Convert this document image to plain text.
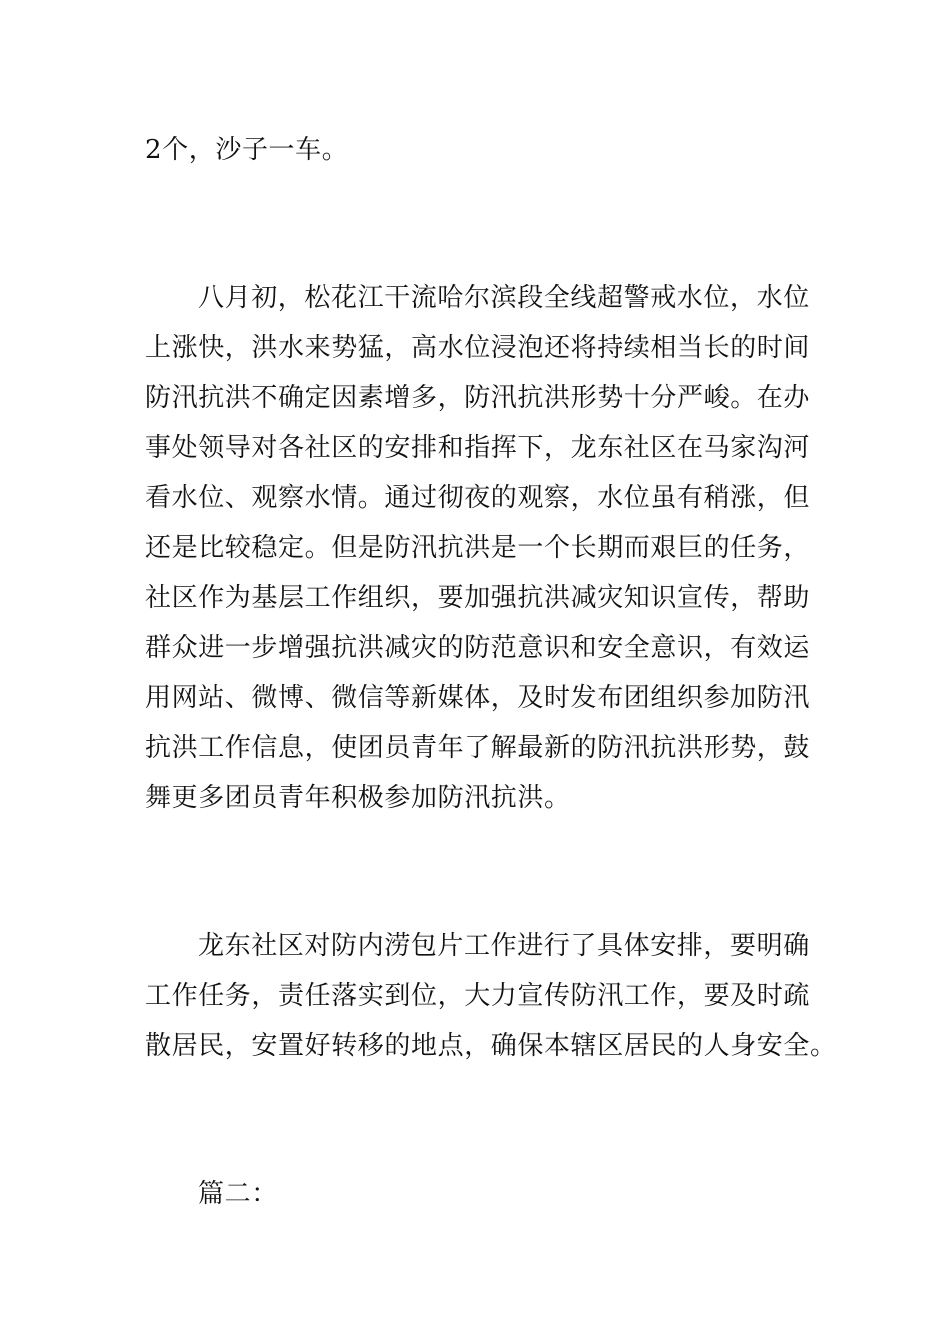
2个，沙子一车。

八月初，松花江干流哈尔滨段全线超警戒水位，水位

上涨快，洪水来势猛，高水位浸泡还将持续相当长的时间

防汛抗洪不确定因素增多，防汛抗洪形势十分严峻。在办

事处领导对各社区的安排和指挥下，龙东社区在马家沟河

看水位、观察水情。通过彻夜的观察，水位虽有稍涨，但

还是比较稳定。但是防汛抗洪是一个长期而艰巨的任务，

社区作为基层工作组织，要加强抗洪减灾知识宣传，帮助

群众进一步增强抗洪减灾的防范意识和安全意识，有效运

用网站、微博、微信等新媒体，及时发布团组织参加防汛

抗洪工作信息，使团员青年了解最新的防汛抗洪形势，鼓

舞更多团员青年积极参加防汛抗洪。

龙东社区对防内涝包片工作进行了具体安排，要明确

工作任务，责任落实到位，大力宣传防汛工作，要及时疏

散居民，安置好转移的地点，确保本辖区居民的人身安全。

篇二：
